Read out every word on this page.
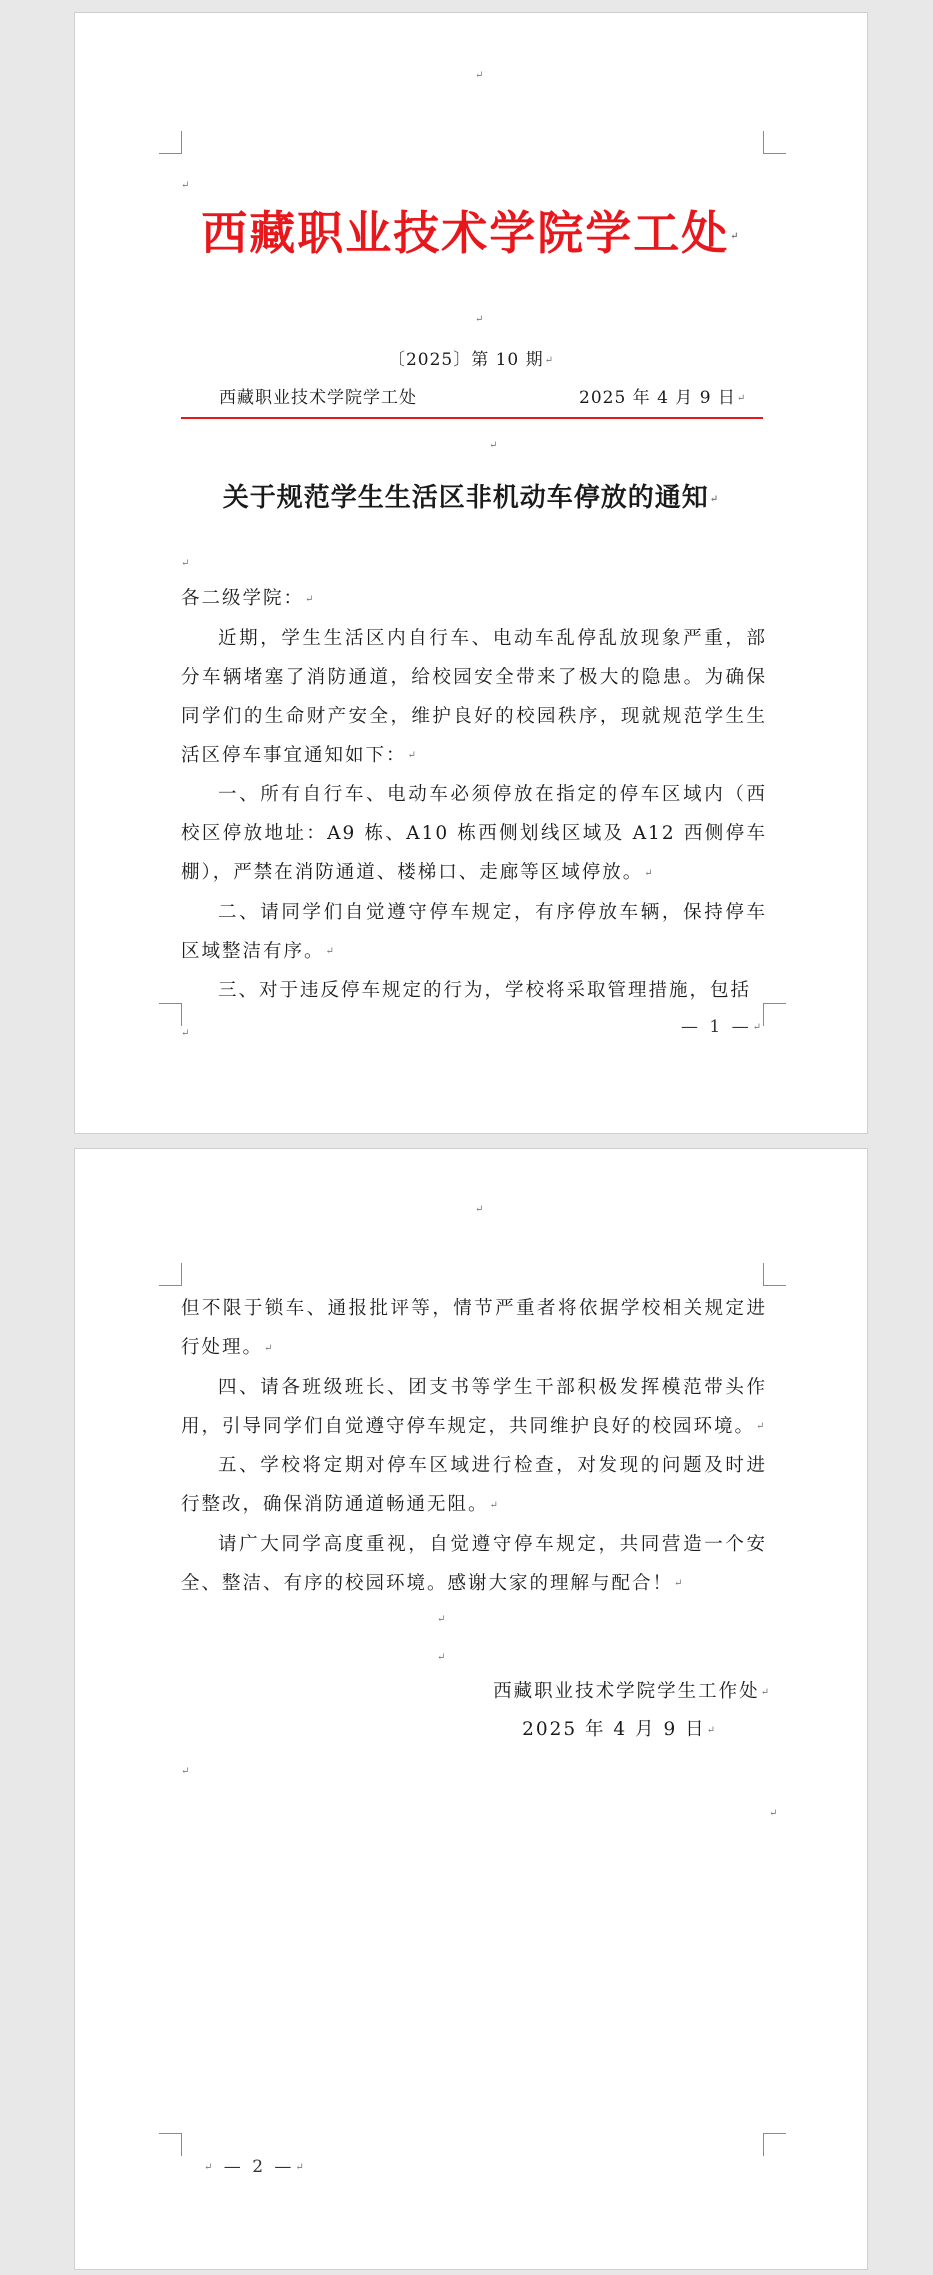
↵
↵
西藏职业技术学院学工处 ↵
↵
〔2025〕第 10 期 ↵
西藏职业技术学院学工处	2025 年 4 月 9 日 ↵
↵
关于规范学生生活区非机动车停放的通知 ↵
↵

各二级学院： ↵

近期，学生生活区内自行车、电动车乱停乱放现象严重，部分车辆堵塞了消防通道，给校园安全带来了极大的隐患。为确保同学们的生命财产安全，维护良好的校园秩序，现就规范学生生活区停车事宜通知如下： ↵

一、所有自行车、电动车必须停放在指定的停车区域内（西校区停放地址：A9 栋、A10 栋西侧划线区域及 A12 西侧停车棚），严禁在消防通道、楼梯口、走廊等区域停放。 ↵

二、请同学们自觉遵守停车规定，有序停放车辆，保持停车区域整洁有序。 ↵

三、对于违反停车规定的行为，学校将采取管理措施，包括

↵
— 1 — ↵
↵

但不限于锁车、通报批评等，情节严重者将依据学校相关规定进行处理。 ↵

四、请各班级班长、团支书等学生干部积极发挥模范带头作用，引导同学们自觉遵守停车规定，共同维护良好的校园环境。 ↵

五、学校将定期对停车区域进行检查，对发现的问题及时进行整改，确保消防通道畅通无阻。 ↵

请广大同学高度重视，自觉遵守停车规定，共同营造一个安全、整洁、有序的校园环境。感谢大家的理解与配合！ ↵

↵
↵
西藏职业技术学院学生工作处 ↵
2025 年 4 月 9 日 ↵
↵
↵
↵ — 2 — ↵
